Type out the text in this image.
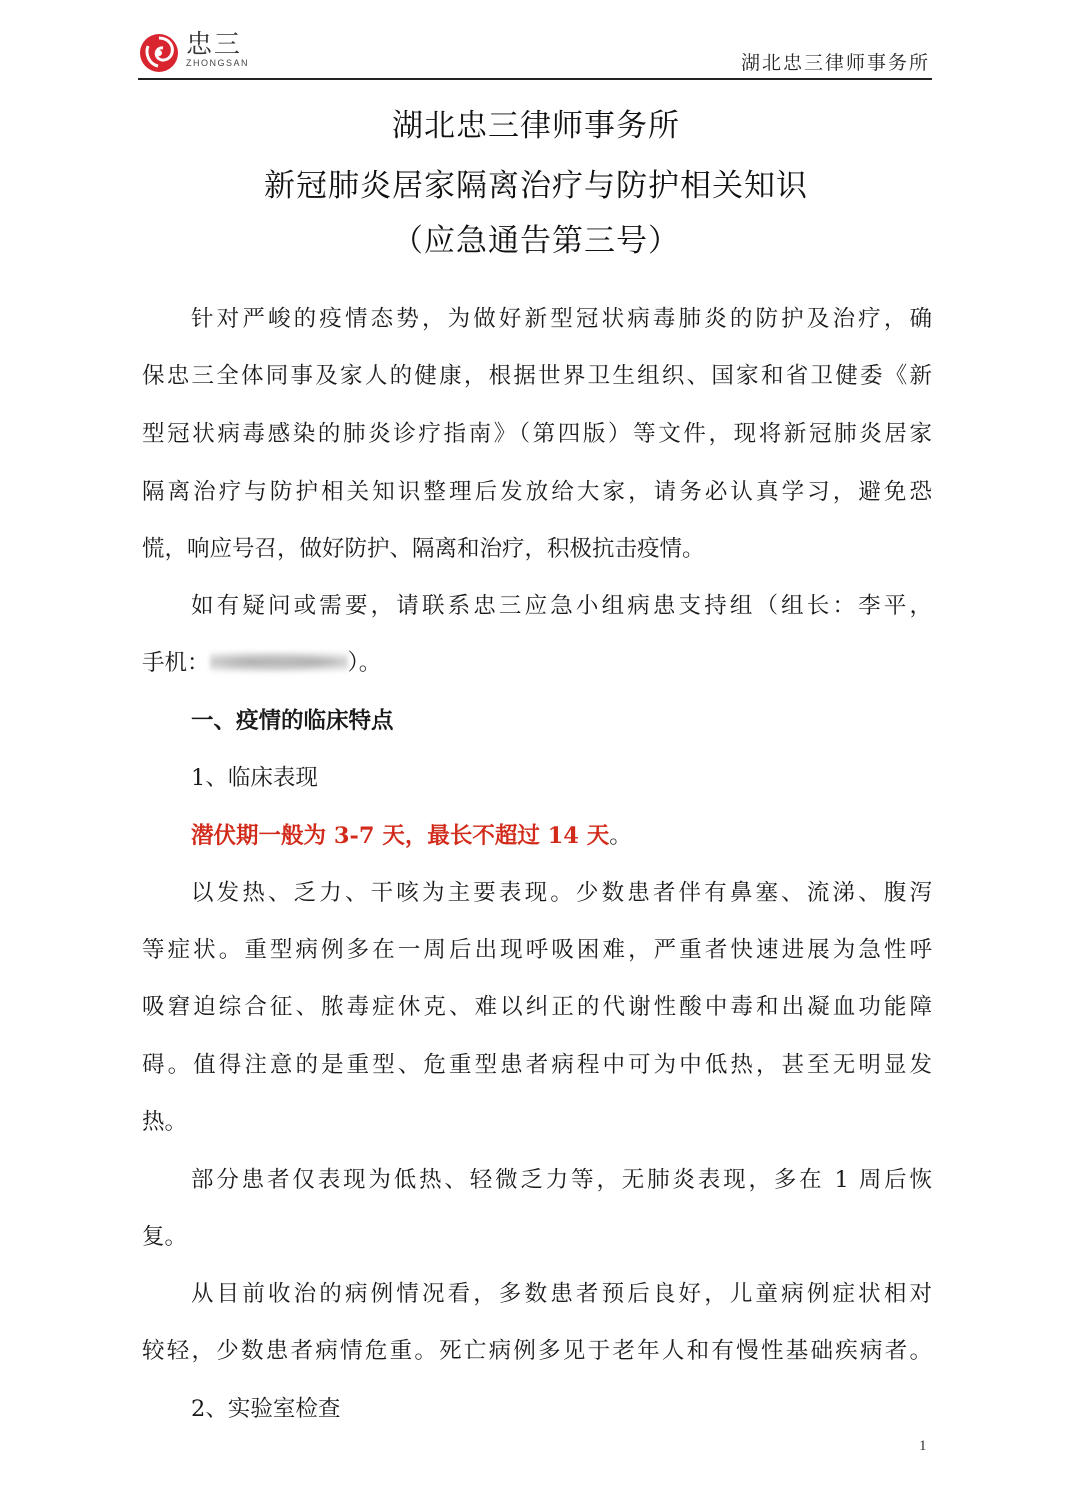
忠三
ZHONGSAN	湖北忠三律师事务所
湖北忠三律师事务所
新冠肺炎居家隔离治疗与防护相关知识
（应急通告第三号）
针对严峻的疫情态势，为做好新型冠状病毒肺炎的防护及治疗，确
保忠三全体同事及家人的健康，根据世界卫生组织、国家和省卫健委《新
型冠状病毒感染的肺炎诊疗指南》（第四版）等文件，现将新冠肺炎居家
隔离治疗与防护相关知识整理后发放给大家，请务必认真学习，避免恐
慌，响应号召，做好防护、隔离和治疗，积极抗击疫情。
如有疑问或需要，请联系忠三应急小组病患支持组（组长：李平，
手机：	）。
一、疫情的临床特点
1、临床表现
潜伏期一般为 3-7 天，最长不超过 14 天。
以发热、乏力、干咳为主要表现。少数患者伴有鼻塞、流涕、腹泻
等症状。重型病例多在一周后出现呼吸困难，严重者快速进展为急性呼
吸窘迫综合征、脓毒症休克、难以纠正的代谢性酸中毒和出凝血功能障
碍。值得注意的是重型、危重型患者病程中可为中低热，甚至无明显发
热。
部分患者仅表现为低热、轻微乏力等，无肺炎表现，多在 1 周后恢
复。
从目前收治的病例情况看，多数患者预后良好，儿童病例症状相对
较轻，少数患者病情危重。死亡病例多见于老年人和有慢性基础疾病者。
2、实验室检查
1
